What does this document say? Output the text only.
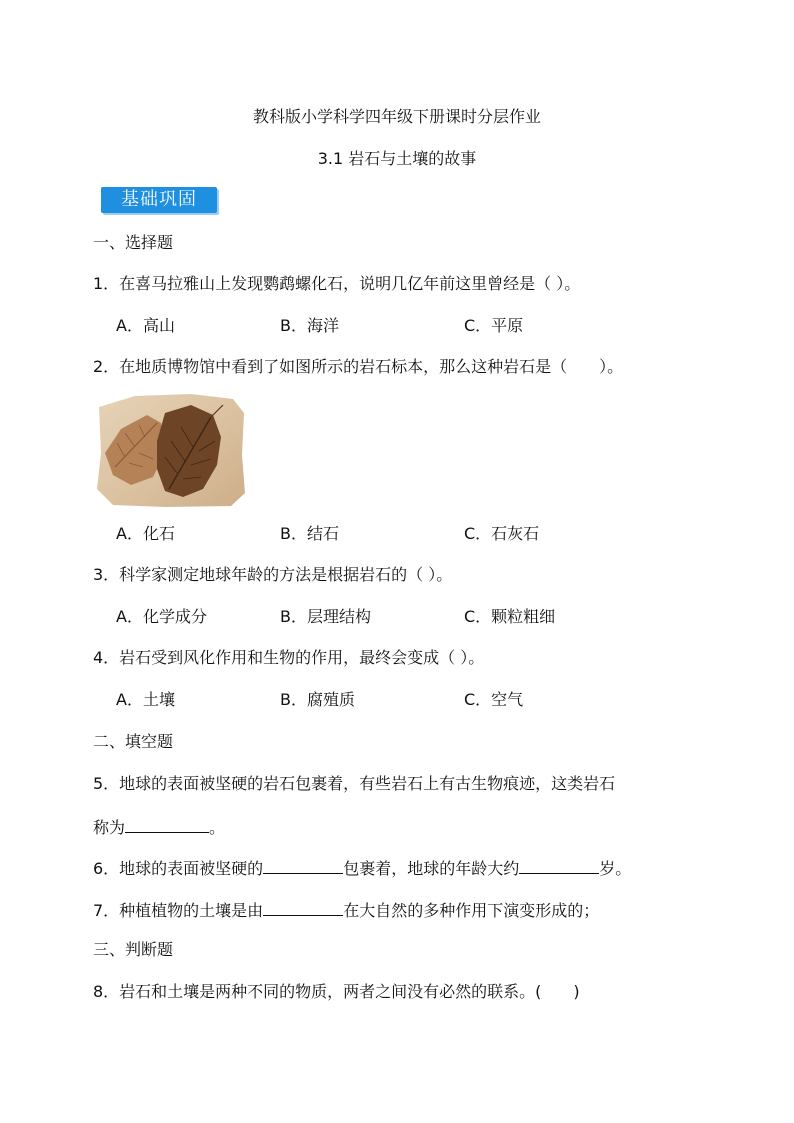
教科版小学科学四年级下册课时分层作业
3.1 岩石与土壤的故事
基础巩固
一、选择题
1．在喜马拉雅山上发现鹦鹉螺化石，说明几亿年前这里曾经是（ ）。
A．高山	B．海洋	C．平原
2．在地质博物馆中看到了如图所示的岩石标本，那么这种岩石是（　　）。
A．化石	B．结石	C．石灰石
3．科学家测定地球年龄的方法是根据岩石的（ ）。
A．化学成分	B．层理结构	C．颗粒粗细
4．岩石受到风化作用和生物的作用，最终会变成（ ）。
A．土壤	B．腐殖质	C．空气
二、填空题
5．地球的表面被坚硬的岩石包裹着，有些岩石上有古生物痕迹，这类岩石
称为	。
6．地球的表面被坚硬的	包裹着，地球的年龄大约	岁。
7．种植植物的土壤是由	在大自然的多种作用下演变形成的；
三、判断题
8．岩石和土壤是两种不同的物质，两者之间没有必然的联系。(　　)
